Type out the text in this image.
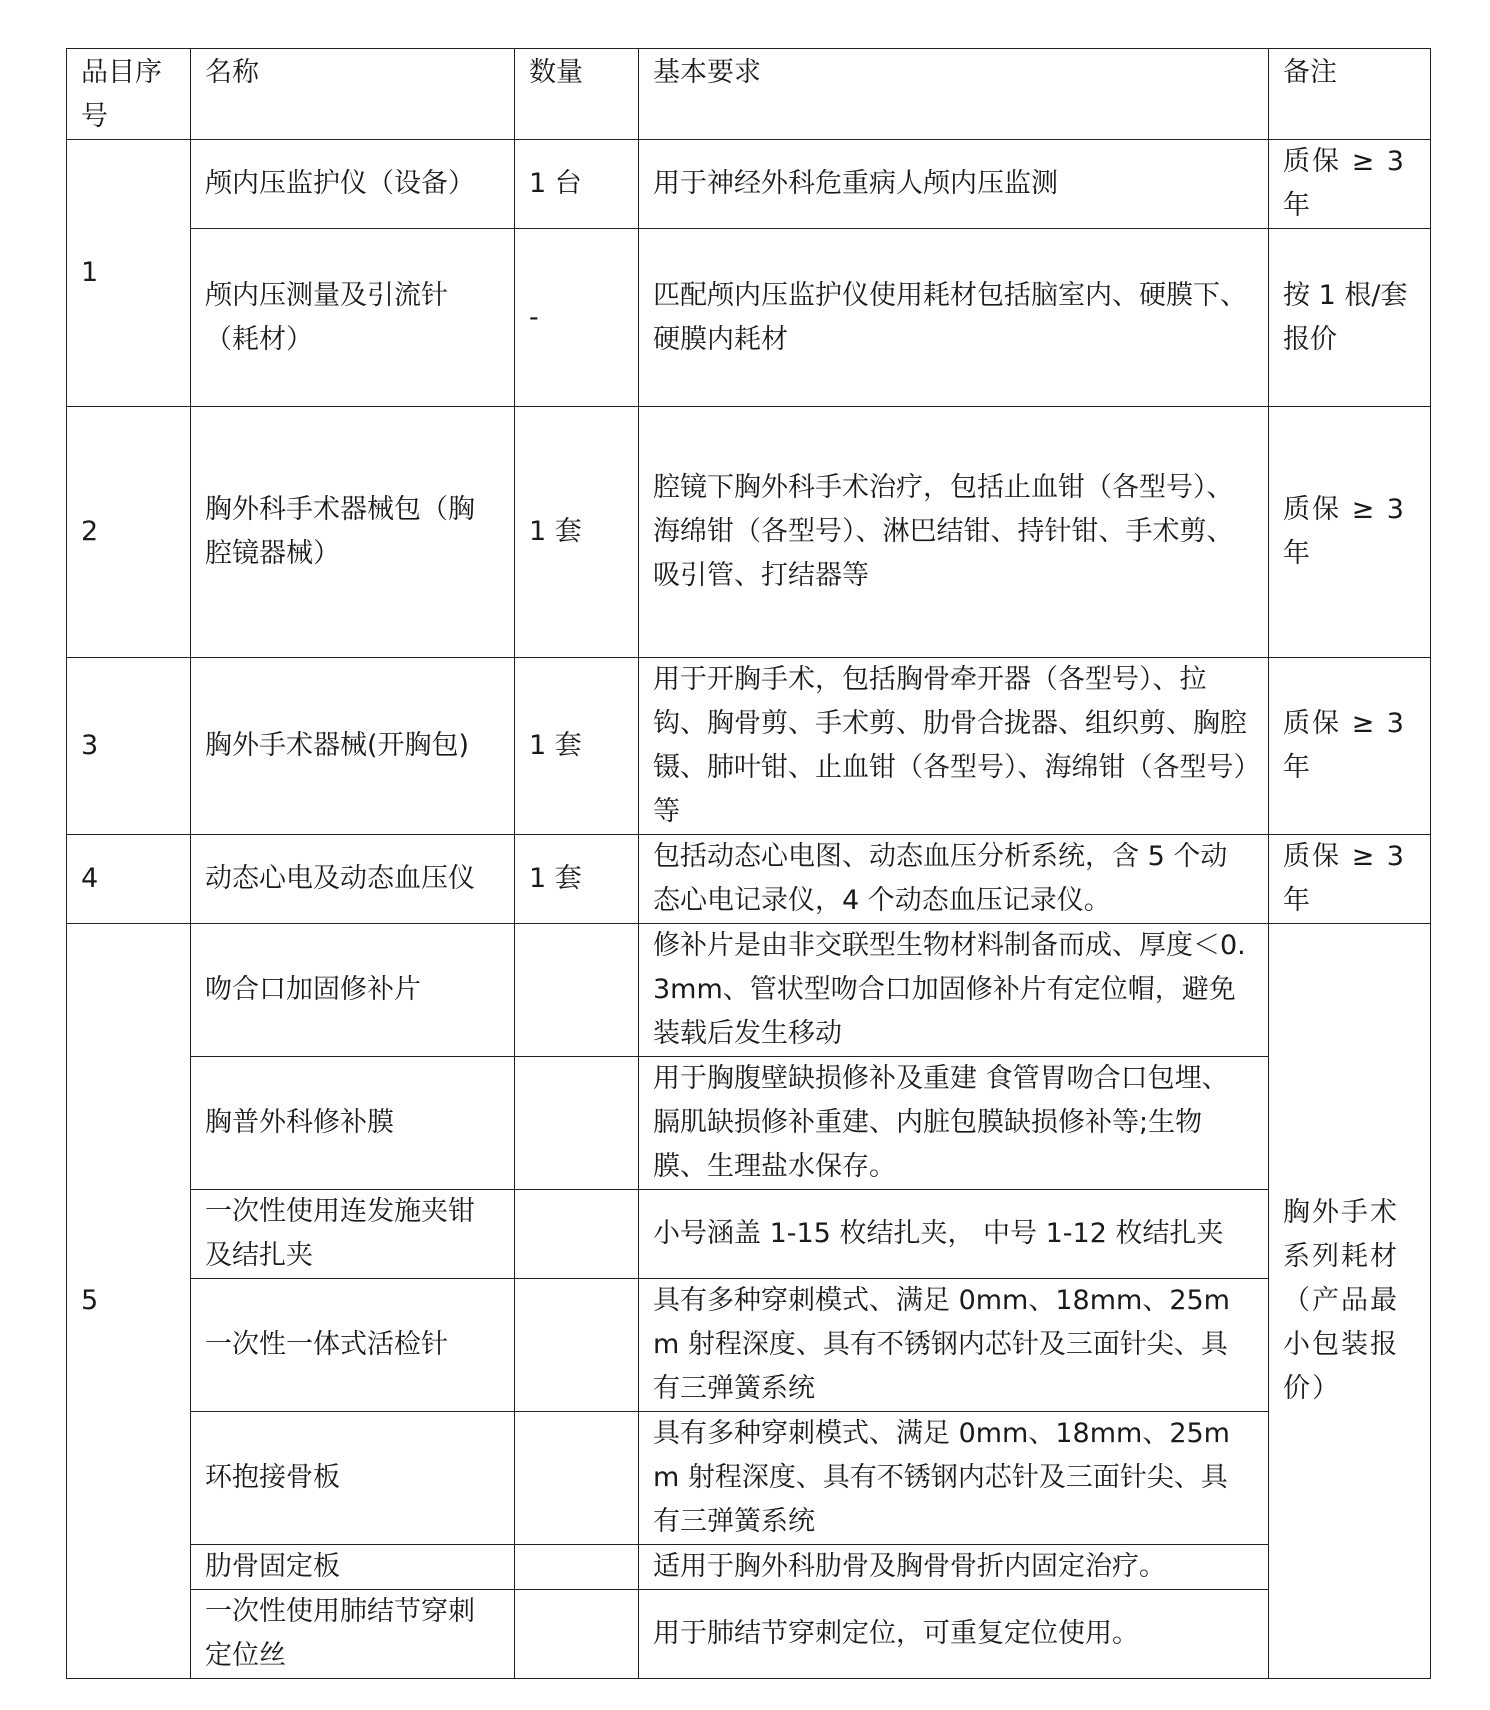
品目序号	名称	数量	基本要求	备注
1	颅内压监护仪（设备）	1 台	用于神经外科危重病人颅内压监测	质保 ≥ 3 年
	颅内压测量及引流针（耗材）	-	匹配颅内压监护仪使用耗材包括脑室内、硬膜下、硬膜内耗材	按 1 根/套报价
2	胸外科手术器械包（胸腔镜器械）	1 套	腔镜下胸外科手术治疗，包括止血钳（各型号）、海绵钳（各型号）、淋巴结钳、持针钳、手术剪、吸引管、打结器等	质保 ≥ 3 年
3	胸外手术器械(开胸包)	1 套	用于开胸手术，包括胸骨牵开器（各型号）、拉钩、胸骨剪、手术剪、肋骨合拢器、组织剪、胸腔镊、肺叶钳、止血钳（各型号）、海绵钳（各型号）等	质保 ≥ 3 年
4	动态心电及动态血压仪	1 套	包括动态心电图、动态血压分析系统，含 5 个动态心电记录仪，4 个动态血压记录仪。	质保 ≥ 3 年
5	吻合口加固修补片		修补片是由非交联型生物材料制备而成、厚度＜0.3mm、管状型吻合口加固修补片有定位帽，避免装载后发生移动	胸外手术系列耗材（产品最小包装报价）
	胸普外科修补膜		用于胸腹壁缺损修补及重建 食管胃吻合口包埋、膈肌缺损修补重建、内脏包膜缺损修补等;生物膜、生理盐水保存。	
	一次性使用连发施夹钳及结扎夹		小号涵盖 1-15 枚结扎夹， 中号 1-12 枚结扎夹	
	一次性一体式活检针		具有多种穿刺模式、满足 0mm、18mm、25mm 射程深度、具有不锈钢内芯针及三面针尖、具有三弹簧系统	
	环抱接骨板		具有多种穿刺模式、满足 0mm、18mm、25mm 射程深度、具有不锈钢内芯针及三面针尖、具有三弹簧系统	
	肋骨固定板		适用于胸外科肋骨及胸骨骨折内固定治疗。	
	一次性使用肺结节穿刺定位丝		用于肺结节穿刺定位，可重复定位使用。	
